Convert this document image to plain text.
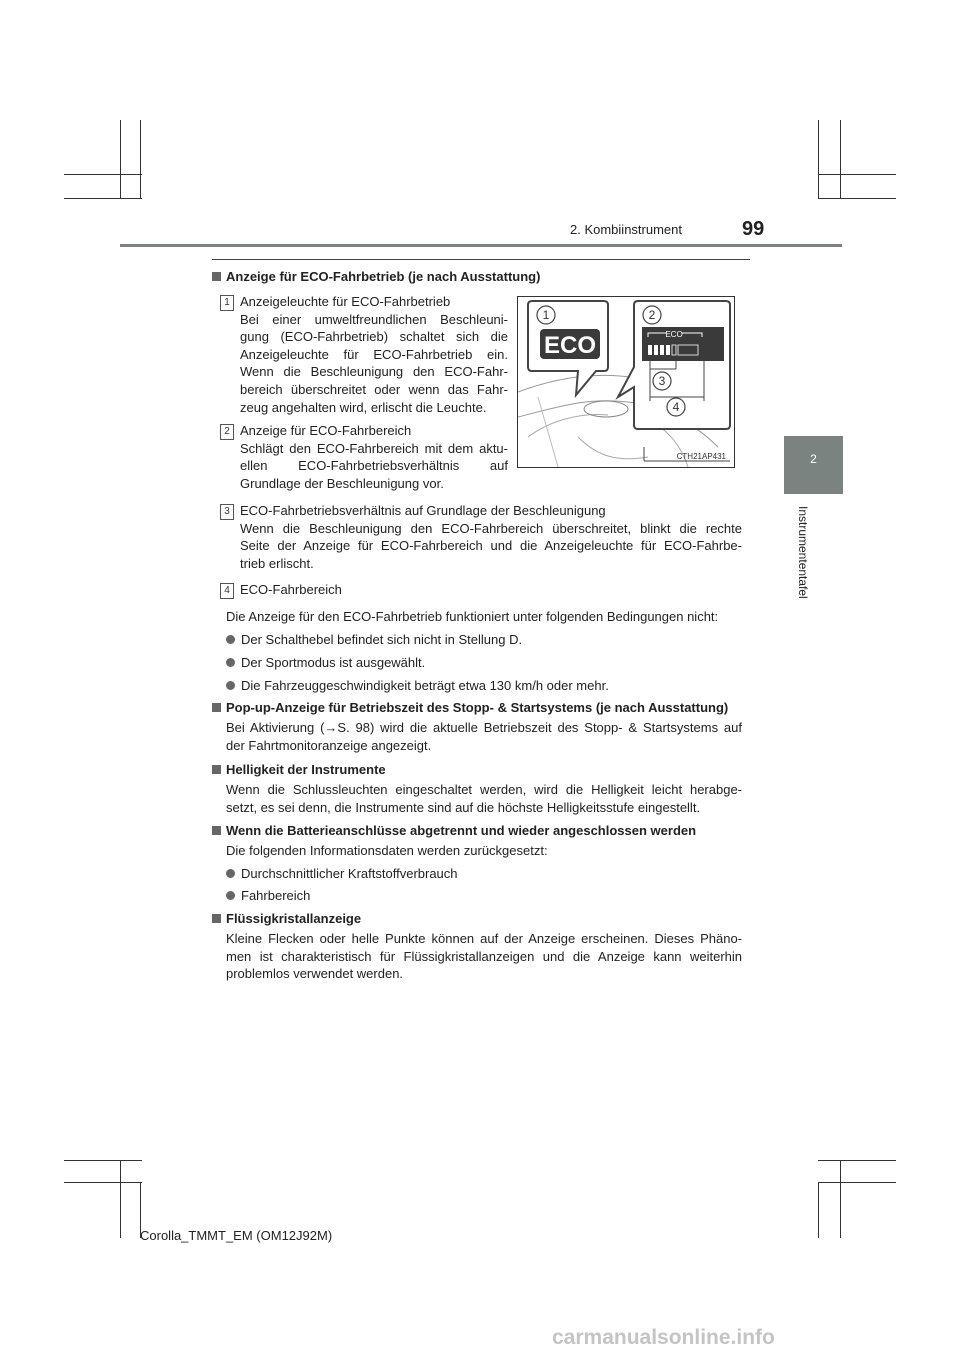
2. Kombiinstrument	99
2
Instrumententafel
Anzeige für ECO-Fahrbetrieb (je nach Ausstattung)
1 Anzeigeleuchte für ECO-Fahrbetrieb
Bei einer umweltfreundlichen Beschleuni-
gung (ECO-Fahrbetrieb) schaltet sich die
Anzeigeleuchte für ECO-Fahrbetrieb ein.
Wenn die Beschleunigung den ECO-Fahr-
bereich überschreitet oder wenn das Fahr-
zeug angehalten wird, erlischt die Leuchte.
2 Anzeige für ECO-Fahrbereich
Schlägt den ECO-Fahrbereich mit dem aktu-
ellen ECO-Fahrbetriebsverhältnis auf
Grundlage der Beschleunigung vor.
1
ECO
2
ECO
3
4
CTH21AP431
3 ECO-Fahrbetriebsverhältnis auf Grundlage der Beschleunigung
Wenn die Beschleunigung den ECO-Fahrbereich überschreitet, blinkt die rechte
Seite der Anzeige für ECO-Fahrbereich und die Anzeigeleuchte für ECO-Fahrbe-
trieb erlischt.
4 ECO-Fahrbereich
Die Anzeige für den ECO-Fahrbetrieb funktioniert unter folgenden Bedingungen nicht:
Der Schalthebel befindet sich nicht in Stellung D.
Der Sportmodus ist ausgewählt.
Die Fahrzeuggeschwindigkeit beträgt etwa 130 km/h oder mehr.
Pop-up-Anzeige für Betriebszeit des Stopp- & Startsystems (je nach Ausstattung)
Bei Aktivierung (→S. 98) wird die aktuelle Betriebszeit des Stopp- & Startsystems auf
der Fahrtmonitoranzeige angezeigt.
Helligkeit der Instrumente
Wenn die Schlussleuchten eingeschaltet werden, wird die Helligkeit leicht herabge-
setzt, es sei denn, die Instrumente sind auf die höchste Helligkeitsstufe eingestellt.
Wenn die Batterieanschlüsse abgetrennt und wieder angeschlossen werden
Die folgenden Informationsdaten werden zurückgesetzt:
Durchschnittlicher Kraftstoffverbrauch
Fahrbereich
Flüssigkristallanzeige
Kleine Flecken oder helle Punkte können auf der Anzeige erscheinen. Dieses Phäno-
men ist charakteristisch für Flüssigkristallanzeigen und die Anzeige kann weiterhin
problemlos verwendet werden.
Corolla_TMMT_EM (OM12J92M)
carmanualsonline.info
